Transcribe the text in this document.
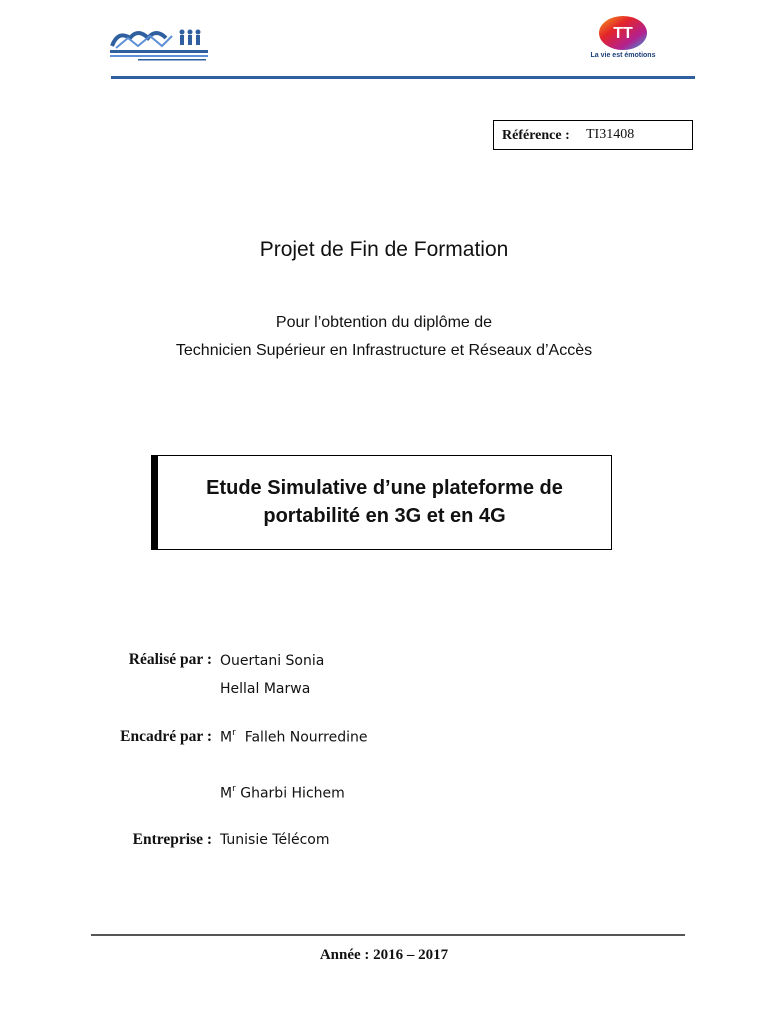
TT
La vie est émotions
Référence : TI31408
Projet de Fin de Formation
Pour l’obtention du diplôme de
Technicien Supérieur en Infrastructure et Réseaux d’Accès
Etude Simulative d’une plateforme de
portabilité en 3G et en 4G
Réalisé par : Ouertani Sonia
Hellal Marwa
Encadré par : $M^r$ Falleh Nourredine
$M^r$ Gharbi Hichem
Entreprise : Tunisie Télécom
Année : 2016 – 2017
